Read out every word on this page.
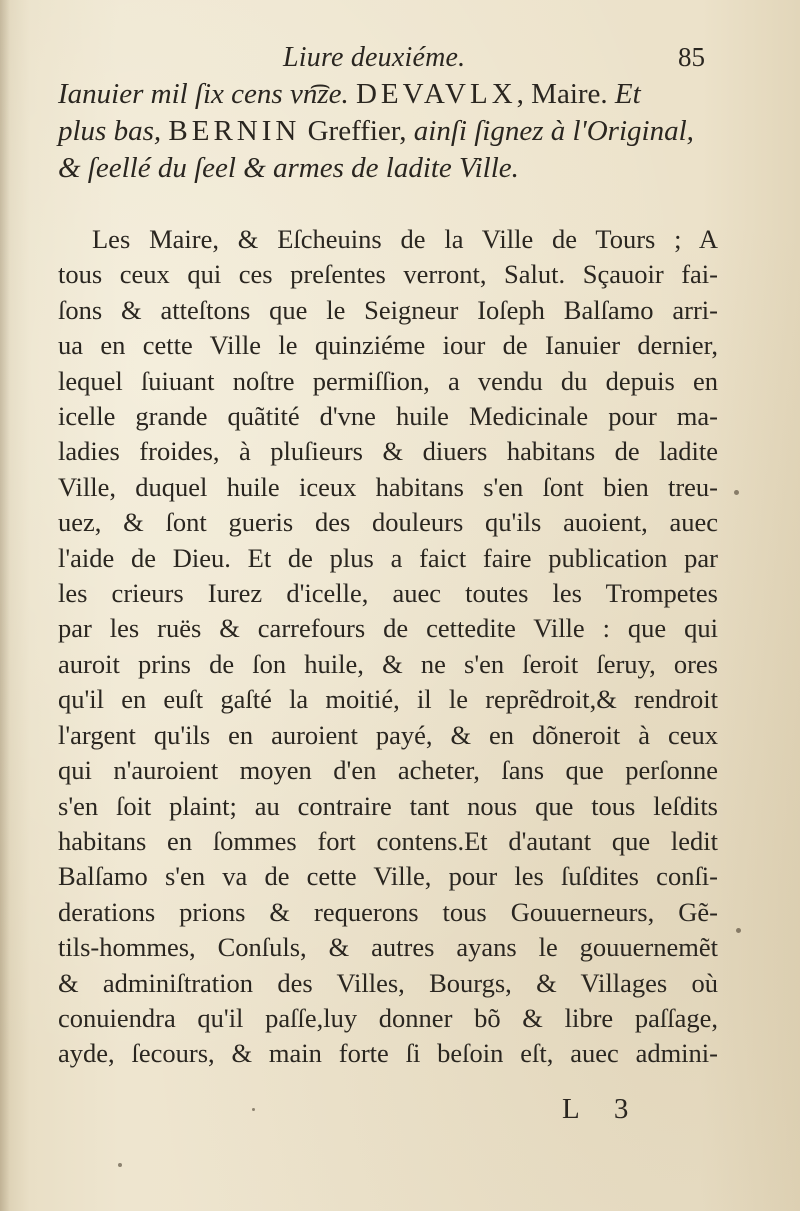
Liure deuxiéme.	85
Ianuier mil ſix cens vn͡ze. DEVAVLX, Maire. Et
plus bas, BERNIN Greffier, ainſi ſignez à l'Original,
& ſeellé du ſeel & armes de ladite Ville.
Les Maire, & Eſcheuins de la Ville de Tours ; A
tous ceux qui ces preſentes verront, Salut. Sçauoir fai-
ſons & atteſtons que le Seigneur Ioſeph Balſamo arri-
ua en cette Ville le quinziéme iour de Ianuier dernier,
lequel ſuiuant noſtre permiſſion, a vendu du depuis en
icelle grande quãtité d'vne huile Medicinale pour ma-
ladies froides, à pluſieurs & diuers habitans de ladite
Ville, duquel huile iceux habitans s'en ſont bien treu-
uez, & ſont gueris des douleurs qu'ils auoient, auec
l'aide de Dieu. Et de plus a faict faire publication par
les crieurs Iurez d'icelle, auec toutes les Trompetes
par les ruës & carrefours de cettedite Ville : que qui
auroit prins de ſon huile, & ne s'en ſeroit ſeruy, ores
qu'il en euſt gaſté la moitié, il le reprẽdroit,& rendroit
l'argent qu'ils en auroient payé, & en dõneroit à ceux
qui n'auroient moyen d'en acheter, ſans que perſonne
s'en ſoit plaint; au contraire tant nous que tous leſdits
habitans en ſommes fort contens.Et d'autant que ledit
Balſamo s'en va de cette Ville, pour les ſuſdites conſi-
derations prions & requerons tous Gouuerneurs, Gẽ-
tils-hommes, Conſuls, & autres ayans le gouuernemẽt
& adminiſtration des Villes, Bourgs, & Villages où
conuiendra qu'il paſſe,luy donner bõ & libre paſſage,
ayde, ſecours, & main forte ſi beſoin eſt, auec admini-
L 3
